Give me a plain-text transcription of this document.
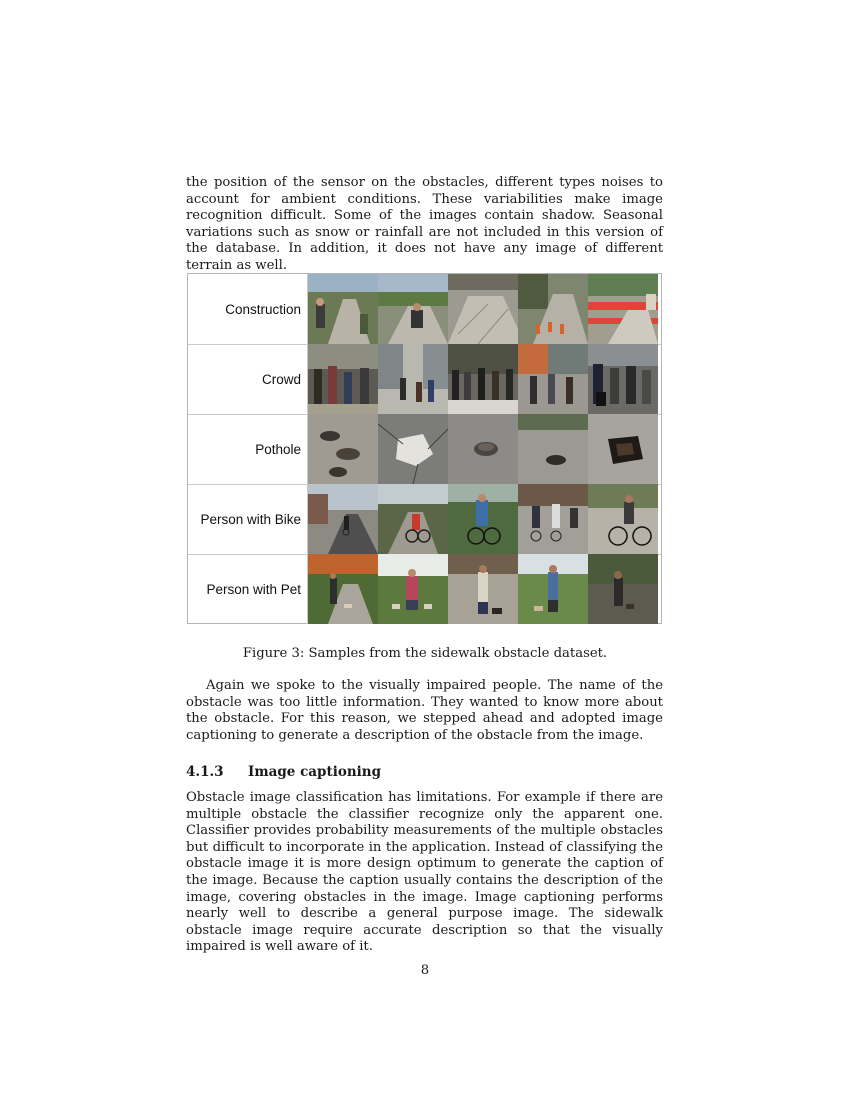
the position of the sensor on the obstacles, different types noises to account for ambient conditions. These variabilities make image recognition difficult. Some of the images contain shadow. Seasonal variations such as snow or rainfall are not included in this version of the database. In addition, it does not have any image of different terrain as well.
Construction
Crowd
Pothole
Person with Bike
Person with Pet
Figure 3: Samples from the sidewalk obstacle dataset.
Again we spoke to the visually impaired people. The name of the obstacle was too little information. They wanted to know more about the obstacle. For this reason, we stepped ahead and adopted image captioning to generate a description of the obstacle from the image.
4.1.3 Image captioning
Obstacle image classification has limitations. For example if there are multiple obstacle the classifier recognize only the apparent one. Classifier provides probability measurements of the multiple obstacles but difficult to incorporate in the application. Instead of classifying the obstacle image it is more design optimum to generate the caption of the image. Because the caption usually contains the description of the image, covering obstacles in the image. Image captioning performs nearly well to describe a general purpose image. The sidewalk obstacle image require accurate description so that the visually impaired is well aware of it.
8
